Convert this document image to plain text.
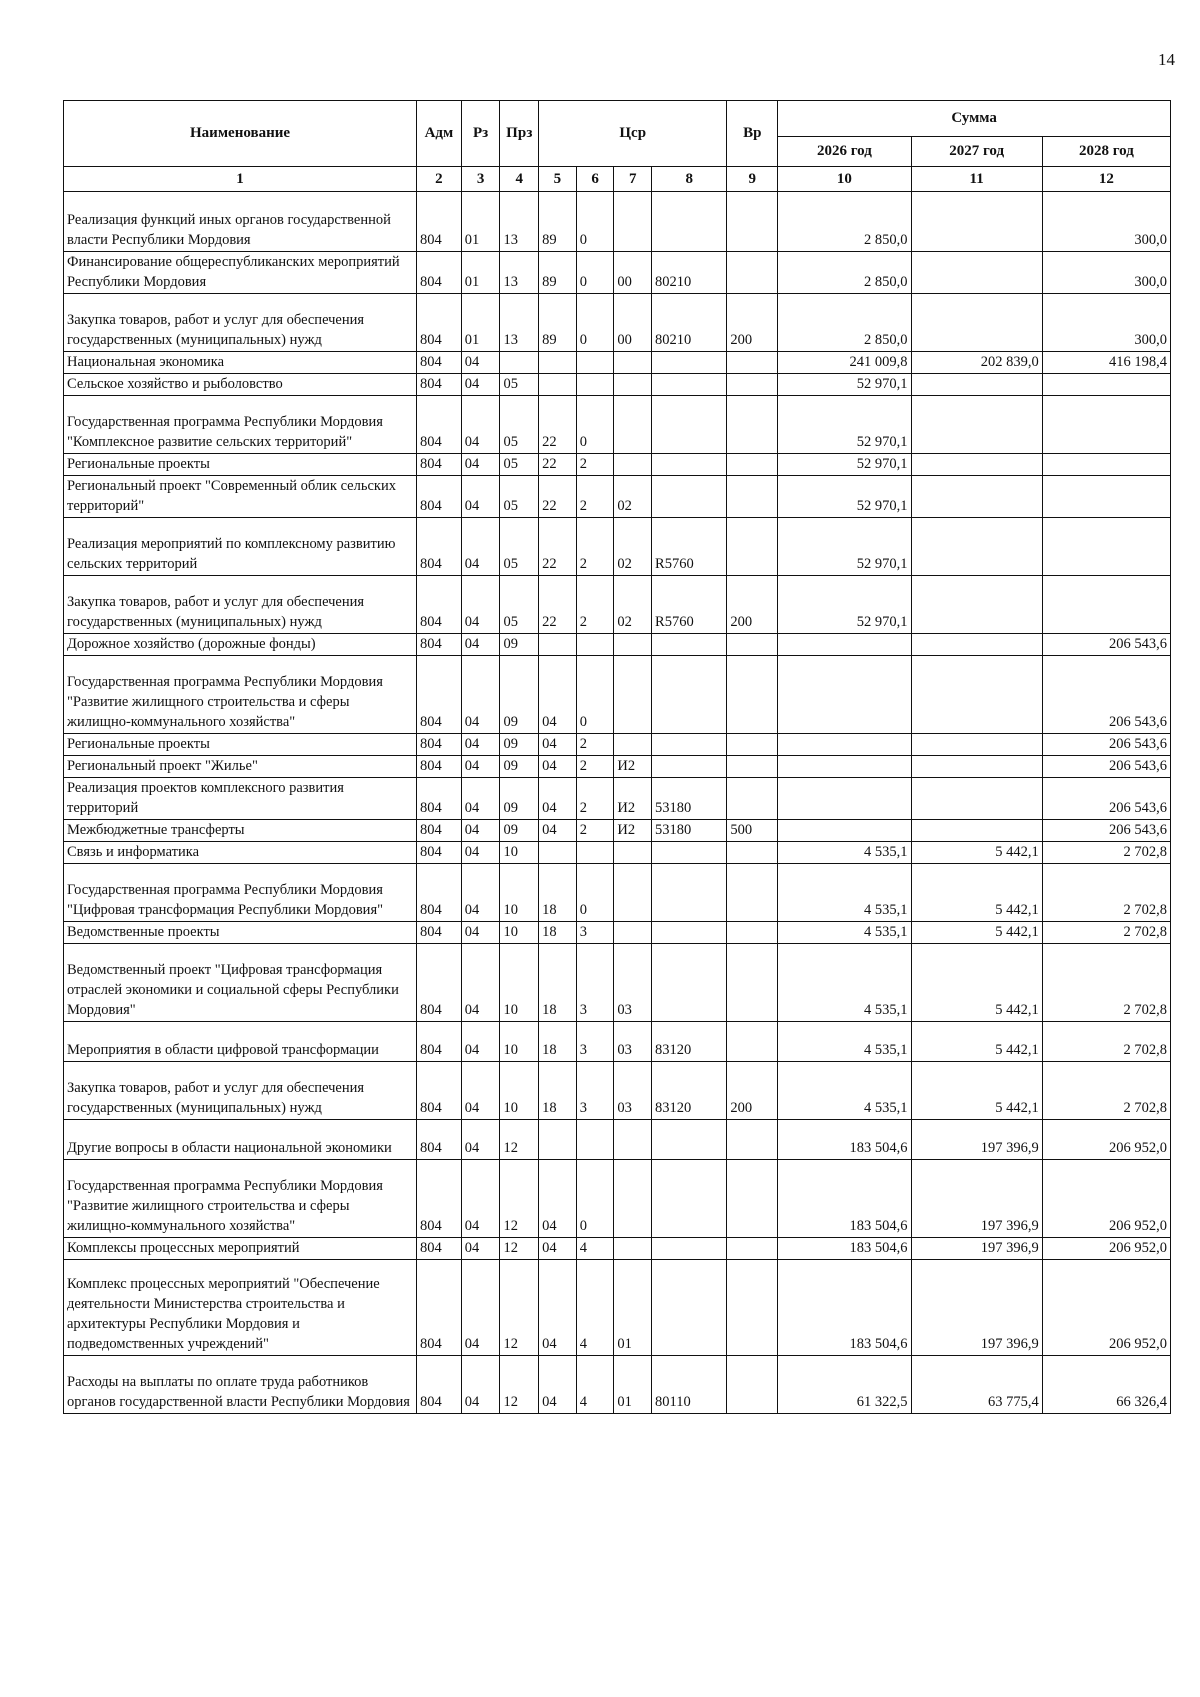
14
Наименование	Адм	Рз	Прз	Цср				Вр	Сумма		
									2026 год	2027 год	2028 год
1	2	3	4	5	6	7	8	9	10	11	12
Реализация функций иных органов государственной власти Республики Мордовия	804	01	13	89	0				2 850,0		300,0
Финансирование общереспубликанских мероприятий Республики Мордовия	804	01	13	89	0	00	80210		2 850,0		300,0
Закупка товаров, работ и услуг для обеспечения государственных (муниципальных) нужд	804	01	13	89	0	00	80210	200	2 850,0		300,0
Национальная экономика	804	04							241 009,8	202 839,0	416 198,4
Сельское хозяйство и рыболовство	804	04	05						52 970,1		
Государственная программа Республики Мордовия "Комплексное развитие сельских территорий"	804	04	05	22	0				52 970,1		
Региональные проекты	804	04	05	22	2				52 970,1		
Региональный проект "Современный облик сельских территорий"	804	04	05	22	2	02			52 970,1		
Реализация мероприятий по комплексному развитию сельских территорий	804	04	05	22	2	02	R5760		52 970,1		
Закупка товаров, работ и услуг для обеспечения государственных (муниципальных) нужд	804	04	05	22	2	02	R5760	200	52 970,1		
Дорожное хозяйство (дорожные фонды)	804	04	09								206 543,6
Государственная программа Республики Мордовия "Развитие жилищного строительства и сферы жилищно-коммунального хозяйства"	804	04	09	04	0						206 543,6
Региональные проекты	804	04	09	04	2						206 543,6
Региональный проект "Жилье"	804	04	09	04	2	И2					206 543,6
Реализация проектов комплексного развития территорий	804	04	09	04	2	И2	53180				206 543,6
Межбюджетные трансферты	804	04	09	04	2	И2	53180	500			206 543,6
Связь и информатика	804	04	10						4 535,1	5 442,1	2 702,8
Государственная программа Республики Мордовия "Цифровая трансформация Республики Мордовия"	804	04	10	18	0				4 535,1	5 442,1	2 702,8
Ведомственные проекты	804	04	10	18	3				4 535,1	5 442,1	2 702,8
Ведомственный проект "Цифровая трансформация отраслей экономики и социальной сферы Республики Мордовия"	804	04	10	18	3	03			4 535,1	5 442,1	2 702,8
Мероприятия в области цифровой трансформации	804	04	10	18	3	03	83120		4 535,1	5 442,1	2 702,8
Закупка товаров, работ и услуг для обеспечения государственных (муниципальных) нужд	804	04	10	18	3	03	83120	200	4 535,1	5 442,1	2 702,8
Другие вопросы в области национальной экономики	804	04	12						183 504,6	197 396,9	206 952,0
Государственная программа Республики Мордовия "Развитие жилищного строительства и сферы жилищно-коммунального хозяйства"	804	04	12	04	0				183 504,6	197 396,9	206 952,0
Комплексы процессных мероприятий	804	04	12	04	4				183 504,6	197 396,9	206 952,0
Комплекс процессных мероприятий "Обеспечение деятельности Министерства строительства и архитектуры Республики Мордовия и подведомственных учреждений"	804	04	12	04	4	01			183 504,6	197 396,9	206 952,0
Расходы на выплаты по оплате труда работников органов государственной власти Республики Мордовия	804	04	12	04	4	01	80110		61 322,5	63 775,4	66 326,4
